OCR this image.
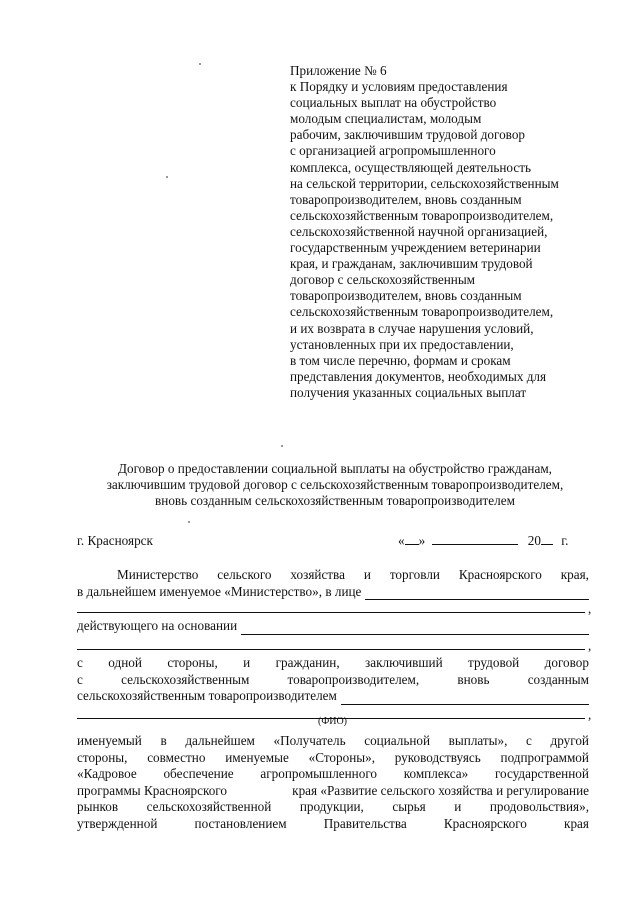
Приложение № 6
к Порядку и условиям предоставления
социальных выплат на обустройство
молодым специалистам, молодым
рабочим, заключившим трудовой договор
с организацией агропромышленного
комплекса, осуществляющей деятельность
на сельской территории, сельскохозяйственным
товаропроизводителем, вновь созданным
сельскохозяйственным товаропроизводителем,
сельскохозяйственной научной организацией,
государственным учреждением ветеринарии
края, и гражданам, заключившим трудовой
договор с сельскохозяйственным
товаропроизводителем, вновь созданным
сельскохозяйственным товаропроизводителем,
и их возврата в случае нарушения условий,
установленных при их предоставлении,
в том числе перечню, формам и срокам
представления документов, необходимых для
получения указанных социальных выплат
Договор о предоставлении социальной выплаты на обустройство гражданам,
заключившим трудовой договор с сельскохозяйственным товаропроизводителем,
вновь созданным сельскохозяйственным товаропроизводителем
г. Красноярск	« »	20 г.
Министерство сельского хозяйства и торговли Красноярского края,
в дальнейшем именуемое «Министерство», в лице
,
действующего на основании
,
с одной стороны, и гражданин, заключивший трудовой договор
с	сельскохозяйственным	товаропроизводителем,	вновь	созданным
сельскохозяйственным товаропроизводителем
,
(ФИО)
именуемый в дальнейшем «Получатель социальной выплаты», с другой
стороны, совместно именуемые «Стороны», руководствуясь подпрограммой
«Кадровое обеспечение агропромышленного комплекса» государственной
программы Красноярского	края «Развитие сельского хозяйства и регулирование
рынков сельскохозяйственной продукции, сырья и продовольствия»,
утвержденной	постановлением	Правительства	Красноярского	края
